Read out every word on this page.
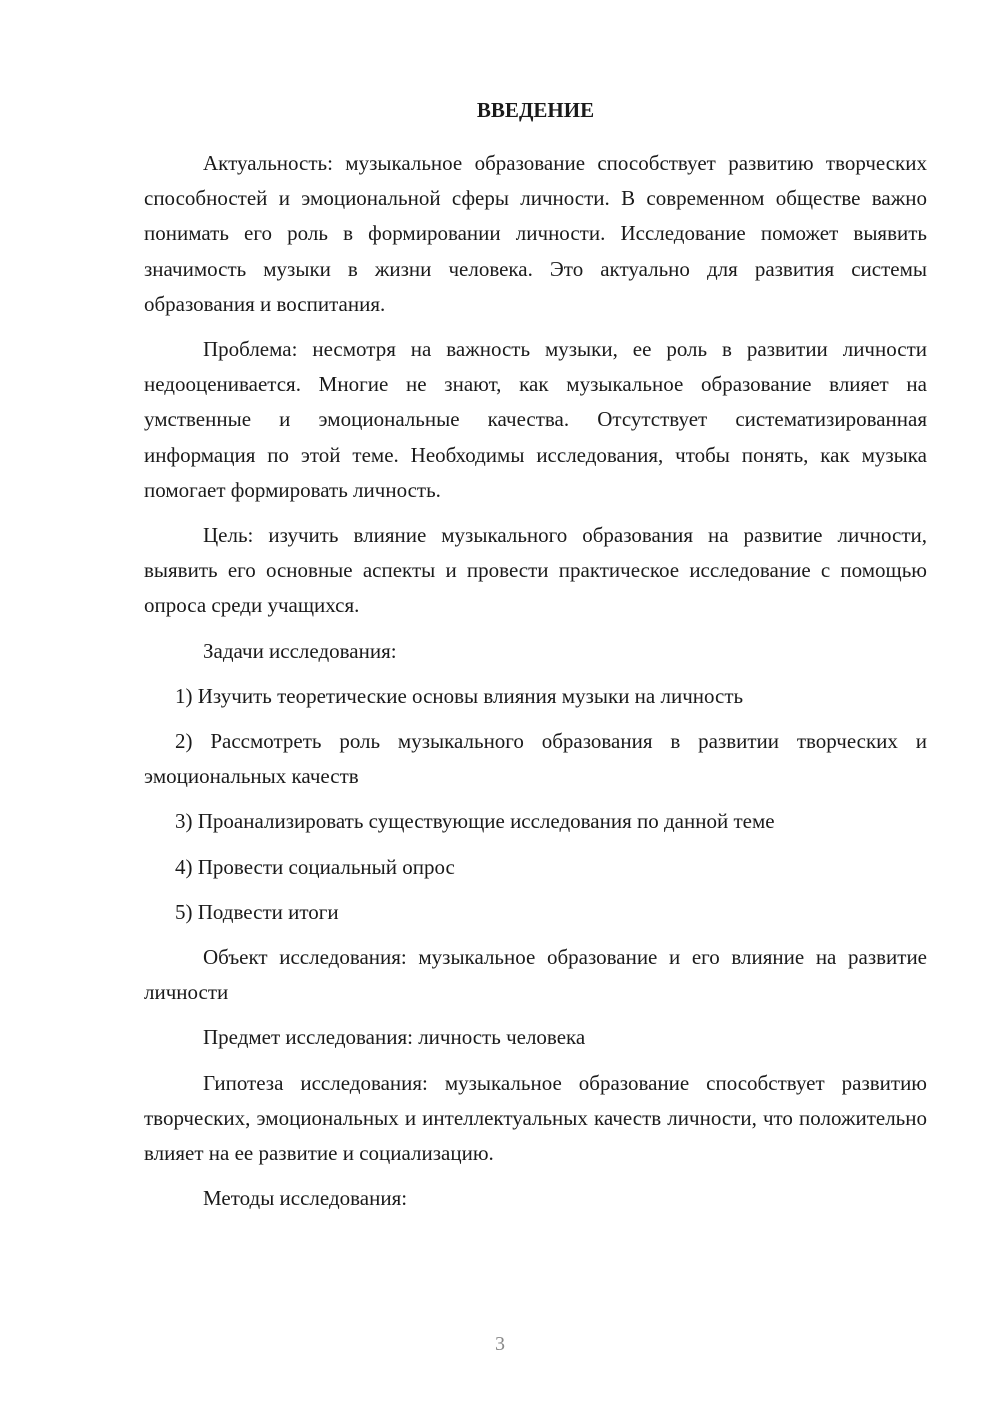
ВВЕДЕНИЕ

Актуальность: музыкальное образование способствует развитию творческих способностей и эмоциональной сферы личности. В современном обществе важно понимать его роль в формировании личности. Исследование поможет выявить значимость музыки в жизни человека. Это актуально для развития системы образования и воспитания.

Проблема: несмотря на важность музыки, ее роль в развитии личности недооценивается. Многие не знают, как музыкальное образование влияет на умственные и эмоциональные качества. Отсутствует систематизированная информация по этой теме. Необходимы исследования, чтобы понять, как музыка помогает формировать личность.

Цель: изучить влияние музыкального образования на развитие личности, выявить его основные аспекты и провести практическое исследование с помощью опроса среди учащихся.

Задачи исследования:

1) Изучить теоретические основы влияния музыки на личность

2) Рассмотреть роль музыкального образования в развитии творческих и эмоциональных качеств

3) Проанализировать существующие исследования по данной теме

4) Провести социальный опрос

5) Подвести итоги

Объект исследования: музыкальное образование и его влияние на развитие личности

Предмет исследования: личность человека

Гипотеза исследования: музыкальное образование способствует развитию творческих, эмоциональных и интеллектуальных качеств личности, что положительно влияет на ее развитие и социализацию.

Методы исследования:

3
